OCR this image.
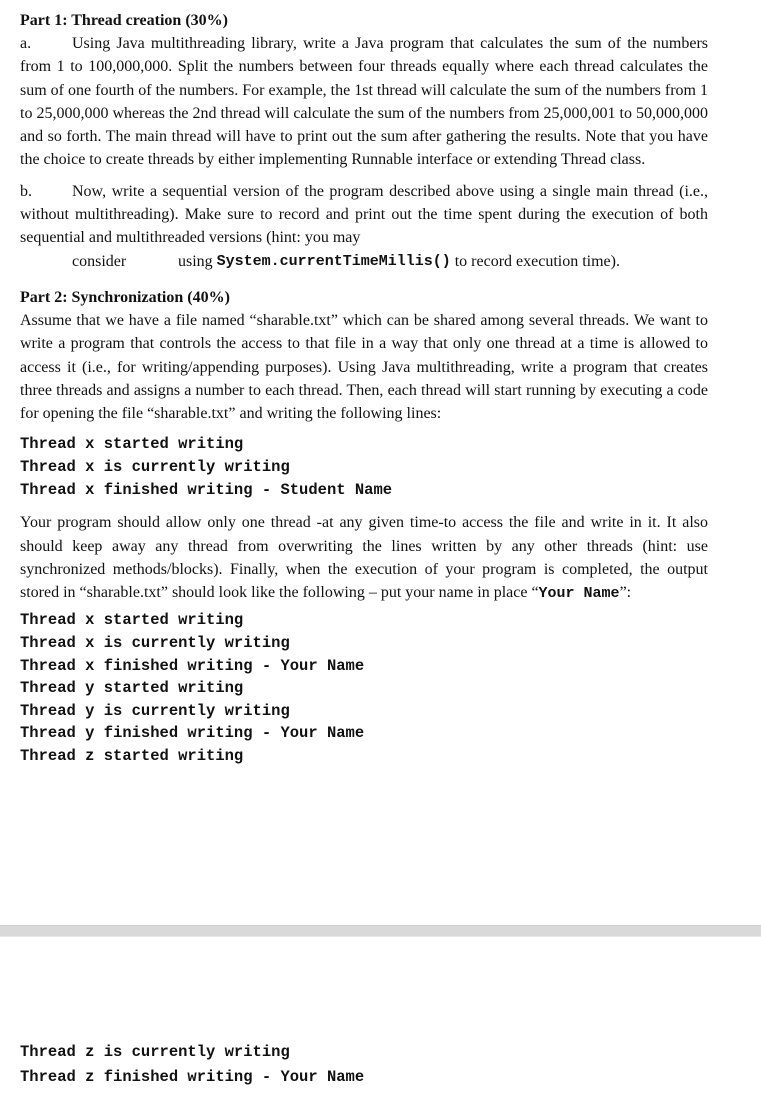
Part 1: Thread creation (30%)

a.	Using Java multithreading library, write a Java program that calculates the sum of the numbers from 1 to 100,000,000. Split the numbers between four threads equally where each thread calculates the sum of one fourth of the numbers. For example, the 1st thread will calculate the sum of the numbers from 1 to 25,000,000 whereas the 2nd thread will calculate the sum of the numbers from 25,000,001 to 50,000,000 and so forth. The main thread will have to print out the sum after gathering the results. Note that you have the choice to create threads by either implementing Runnable interface or extending Thread class.

b.	Now, write a sequential version of the program described above using a single main thread (i.e., without multithreading). Make sure to record and print out the time spent during the execution of both sequential and multithreaded versions (hint: you may

consider	using
System.currentTimeMillis()
to record execution time).

Part 2: Synchronization (40%)

Assume that we have a file named “sharable.txt” which can be shared among several threads. We want to write a program that controls the access to that file in a way that only one thread at a time is allowed to access it (i.e., for writing/appending purposes). Using Java multithreading, write a program that creates three threads and assigns a number to each thread. Then, each thread will start running by executing a code for opening the file “sharable.txt” and writing the following lines:

Thread x started writing

Thread x is currently writing

Thread x finished writing - Student Name

Your program should allow only one thread -at any given time-to access the file and write in it. It also should keep away any thread from overwriting the lines written by any other threads (hint: use synchronized methods/blocks). Finally, when the execution of your program is completed, the output stored in “sharable.txt” should look like the following – put your name in place “Your Name”:

Thread x started writing

Thread x is currently writing

Thread x finished writing - Your Name

Thread y started writing

Thread y is currently writing

Thread y finished writing - Your Name

Thread z started writing

Thread z is currently writing

Thread z finished writing - Your Name
